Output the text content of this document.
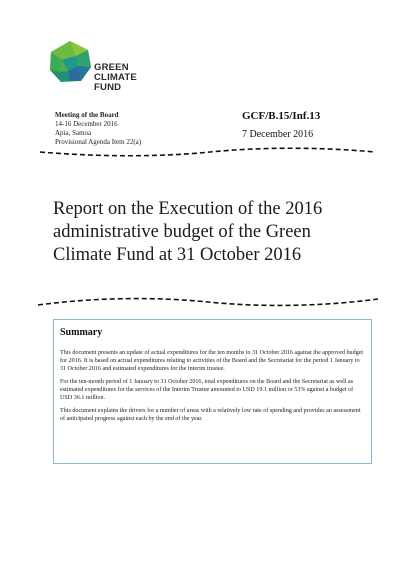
GREEN
CLIMATE
FUND
Meeting of the Board
14-16 December 2016
Apia, Samoa
Provisional Agenda Item 22(a)
GCF/B.15/Inf.13
7 December 2016
Report on the Execution of the 2016
administrative budget of the Green
Climate Fund at 31 October 2016
Summary

This document presents an update of actual expenditures for the ten months to 31 October 2016 against the approved budget for 2016. It is based on actual expenditures relating to activities of the Board and the Secretariat for the period 1 January to 31 October 2016 and estimated expenditures for the interim trustee.

For the ten-month period of 1 January to 31 October 2016, total expenditures on the Board and the Secretariat as well as estimated expenditures for the services of the Interim Trustee amounted to USD 19.1 million or 53% against a budget of USD 36.1 million.

This document explains the drivers for a number of areas with a relatively low rate of spending and provides an assessment of anticipated progress against each by the end of the year.
